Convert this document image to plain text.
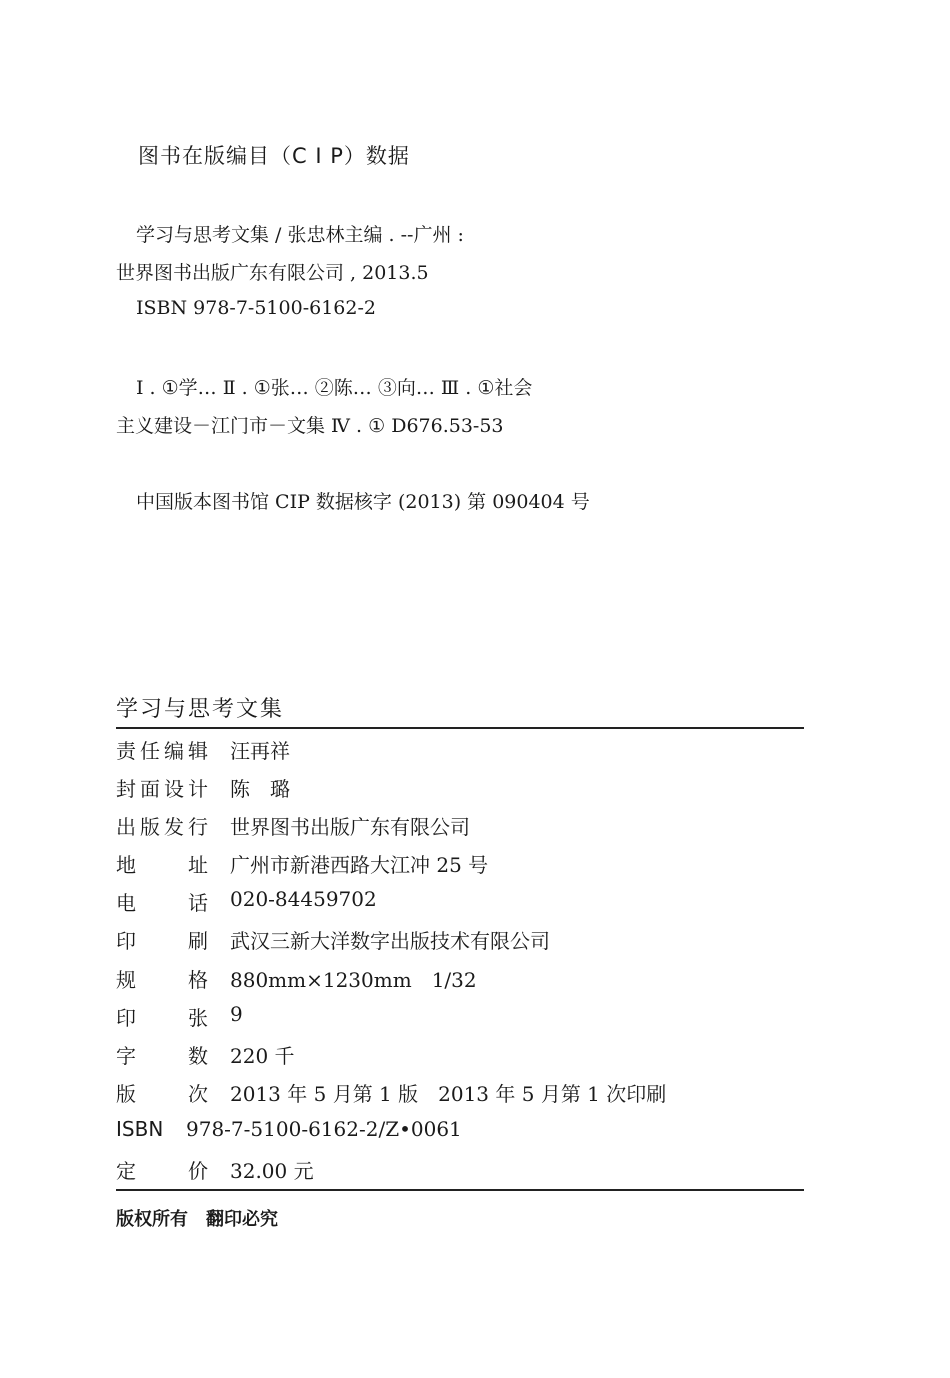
图书在版编目（C I P）数据
学习与思考文集 / 张忠林主编 . --广州 :
世界图书出版广东有限公司 , 2013.5
ISBN 978-7-5100-6162-2
Ⅰ . ①学… Ⅱ . ①张… ②陈… ③向… Ⅲ . ①社会
主义建设－江门市－文集 Ⅳ . ① D676.53-53
中国版本图书馆 CIP 数据核字 (2013) 第 090404 号
学习与思考文集
责任编辑 汪再祥
封面设计 陈　璐
出版发行 世界图书出版广东有限公司
地址 广州市新港西路大江冲 25 号
电话 020-84459702
印刷 武汉三新大洋数字出版技术有限公司
规格 880mm×1230mm　1/32
印张 9
字数 220 千
版次 2013 年 5 月第 1 版　2013 年 5 月第 1 次印刷
ISBN	978-7-5100-6162-2/Z•0061
定价 32.00 元
版权所有　翻印必究
